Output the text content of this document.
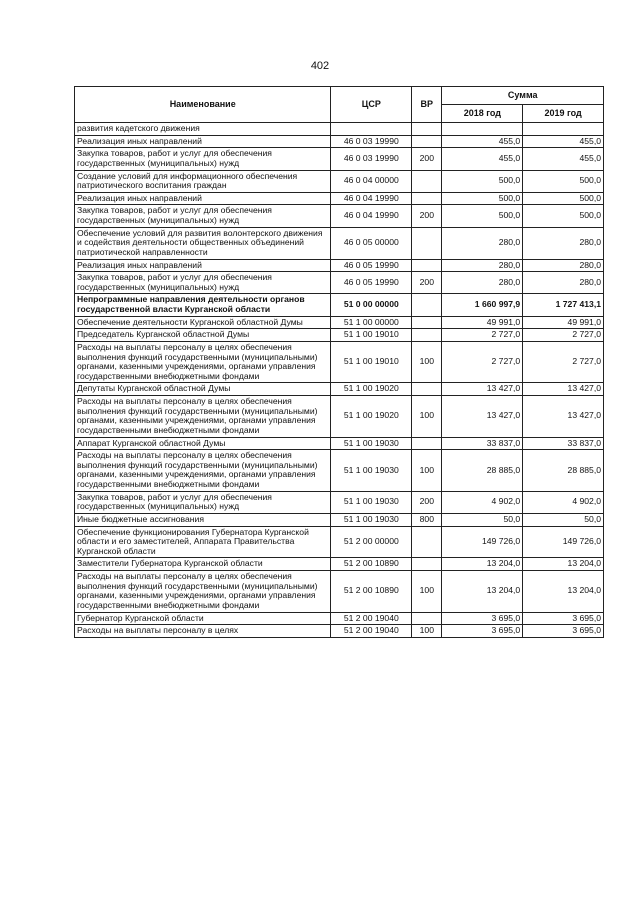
402
Наименование	ЦСР	ВР	Сумма	
			2018 год	2019 год
развития кадетского движения				
Реализация иных направлений	46 0 03 19990		455,0	455,0
Закупка товаров, работ и услуг для обеспечения государственных (муниципальных) нужд	46 0 03 19990	200	455,0	455,0
Создание условий для информационного обеспечения патриотического воспитания граждан	46 0 04 00000		500,0	500,0
Реализация иных направлений	46 0 04 19990		500,0	500,0
Закупка товаров, работ и услуг для обеспечения государственных (муниципальных) нужд	46 0 04 19990	200	500,0	500,0
Обеспечение условий для развития волонтерского движения и содействия деятельности общественных объединений патриотической направленности	46 0 05 00000		280,0	280,0
Реализация иных направлений	46 0 05 19990		280,0	280,0
Закупка товаров, работ и услуг для обеспечения государственных (муниципальных) нужд	46 0 05 19990	200	280,0	280,0
Непрограммные направления деятельности органов государственной власти Курганской области	51 0 00 00000		1 660 997,9	1 727 413,1
Обеспечение деятельности Курганской областной Думы	51 1 00 00000		49 991,0	49 991,0
Председатель Курганской областной Думы	51 1 00 19010		2 727,0	2 727,0
Расходы на выплаты персоналу в целях обеспечения выполнения функций государственными (муниципальными) органами, казенными учреждениями, органами управления государственными внебюджетными фондами	51 1 00 19010	100	2 727,0	2 727,0
Депутаты Курганской областной Думы	51 1 00 19020		13 427,0	13 427,0
Расходы на выплаты персоналу в целях обеспечения выполнения функций государственными (муниципальными) органами, казенными учреждениями, органами управления государственными внебюджетными фондами	51 1 00 19020	100	13 427,0	13 427,0
Аппарат Курганской областной Думы	51 1 00 19030		33 837,0	33 837,0
Расходы на выплаты персоналу в целях обеспечения выполнения функций государственными (муниципальными) органами, казенными учреждениями, органами управления государственными внебюджетными фондами	51 1 00 19030	100	28 885,0	28 885,0
Закупка товаров, работ и услуг для обеспечения государственных (муниципальных) нужд	51 1 00 19030	200	4 902,0	4 902,0
Иные бюджетные ассигнования	51 1 00 19030	800	50,0	50,0
Обеспечение функционирования Губернатора Курганской области и его заместителей, Аппарата Правительства Курганской области	51 2 00 00000		149 726,0	149 726,0
Заместители Губернатора Курганской области	51 2 00 10890		13 204,0	13 204,0
Расходы на выплаты персоналу в целях обеспечения выполнения функций государственными (муниципальными) органами, казенными учреждениями, органами управления государственными внебюджетными фондами	51 2 00 10890	100	13 204,0	13 204,0
Губернатор Курганской области	51 2 00 19040		3 695,0	3 695,0
Расходы на выплаты персоналу в целях	51 2 00 19040	100	3 695,0	3 695,0
